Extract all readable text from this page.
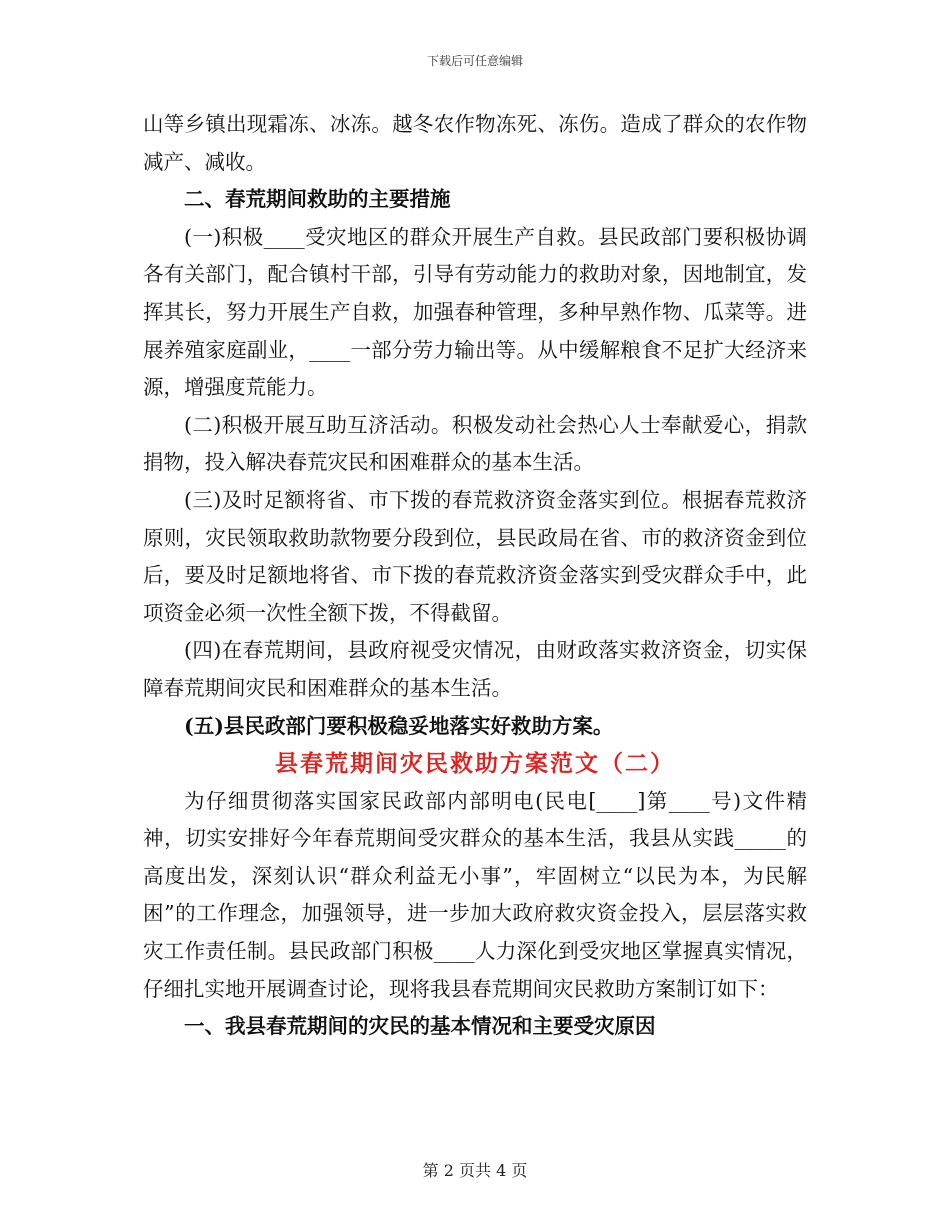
下载后可任意编辑

山等乡镇出现霜冻、冰冻。越冬农作物冻死、冻伤。造成了群众的农作物减产、减收。

二、春荒期间救助的主要措施

(一)积极____受灾地区的群众开展生产自救。县民政部门要积极协调各有关部门，配合镇村干部，引导有劳动能力的救助对象，因地制宜，发挥其长，努力开展生产自救，加强春种管理，多种早熟作物、瓜菜等。进展养殖家庭副业，____一部分劳力输出等。从中缓解粮食不足扩大经济来源，增强度荒能力。

(二)积极开展互助互济活动。积极发动社会热心人士奉献爱心，捐款捐物，投入解决春荒灾民和困难群众的基本生活。

(三)及时足额将省、市下拨的春荒救济资金落实到位。根据春荒救济原则，灾民领取救助款物要分段到位，县民政局在省、市的救济资金到位后，要及时足额地将省、市下拨的春荒救济资金落实到受灾群众手中，此项资金必须一次性全额下拨，不得截留。

(四)在春荒期间，县政府视受灾情况，由财政落实救济资金，切实保障春荒期间灾民和困难群众的基本生活。

(五)县民政部门要积极稳妥地落实好救助方案。

县春荒期间灾民救助方案范文（二）

为仔细贯彻落实国家民政部内部明电(民电[____]第____号)文件精神，切实安排好今年春荒期间受灾群众的基本生活，我县从实践_____的高度出发，深刻认识“群众利益无小事”，牢固树立“以民为本，为民解困”的工作理念，加强领导，进一步加大政府救灾资金投入，层层落实救灾工作责任制。县民政部门积极____人力深化到受灾地区掌握真实情况，仔细扎实地开展调查讨论，现将我县春荒期间灾民救助方案制订如下：

一、我县春荒期间的灾民的基本情况和主要受灾原因

第 2 页共 4 页
